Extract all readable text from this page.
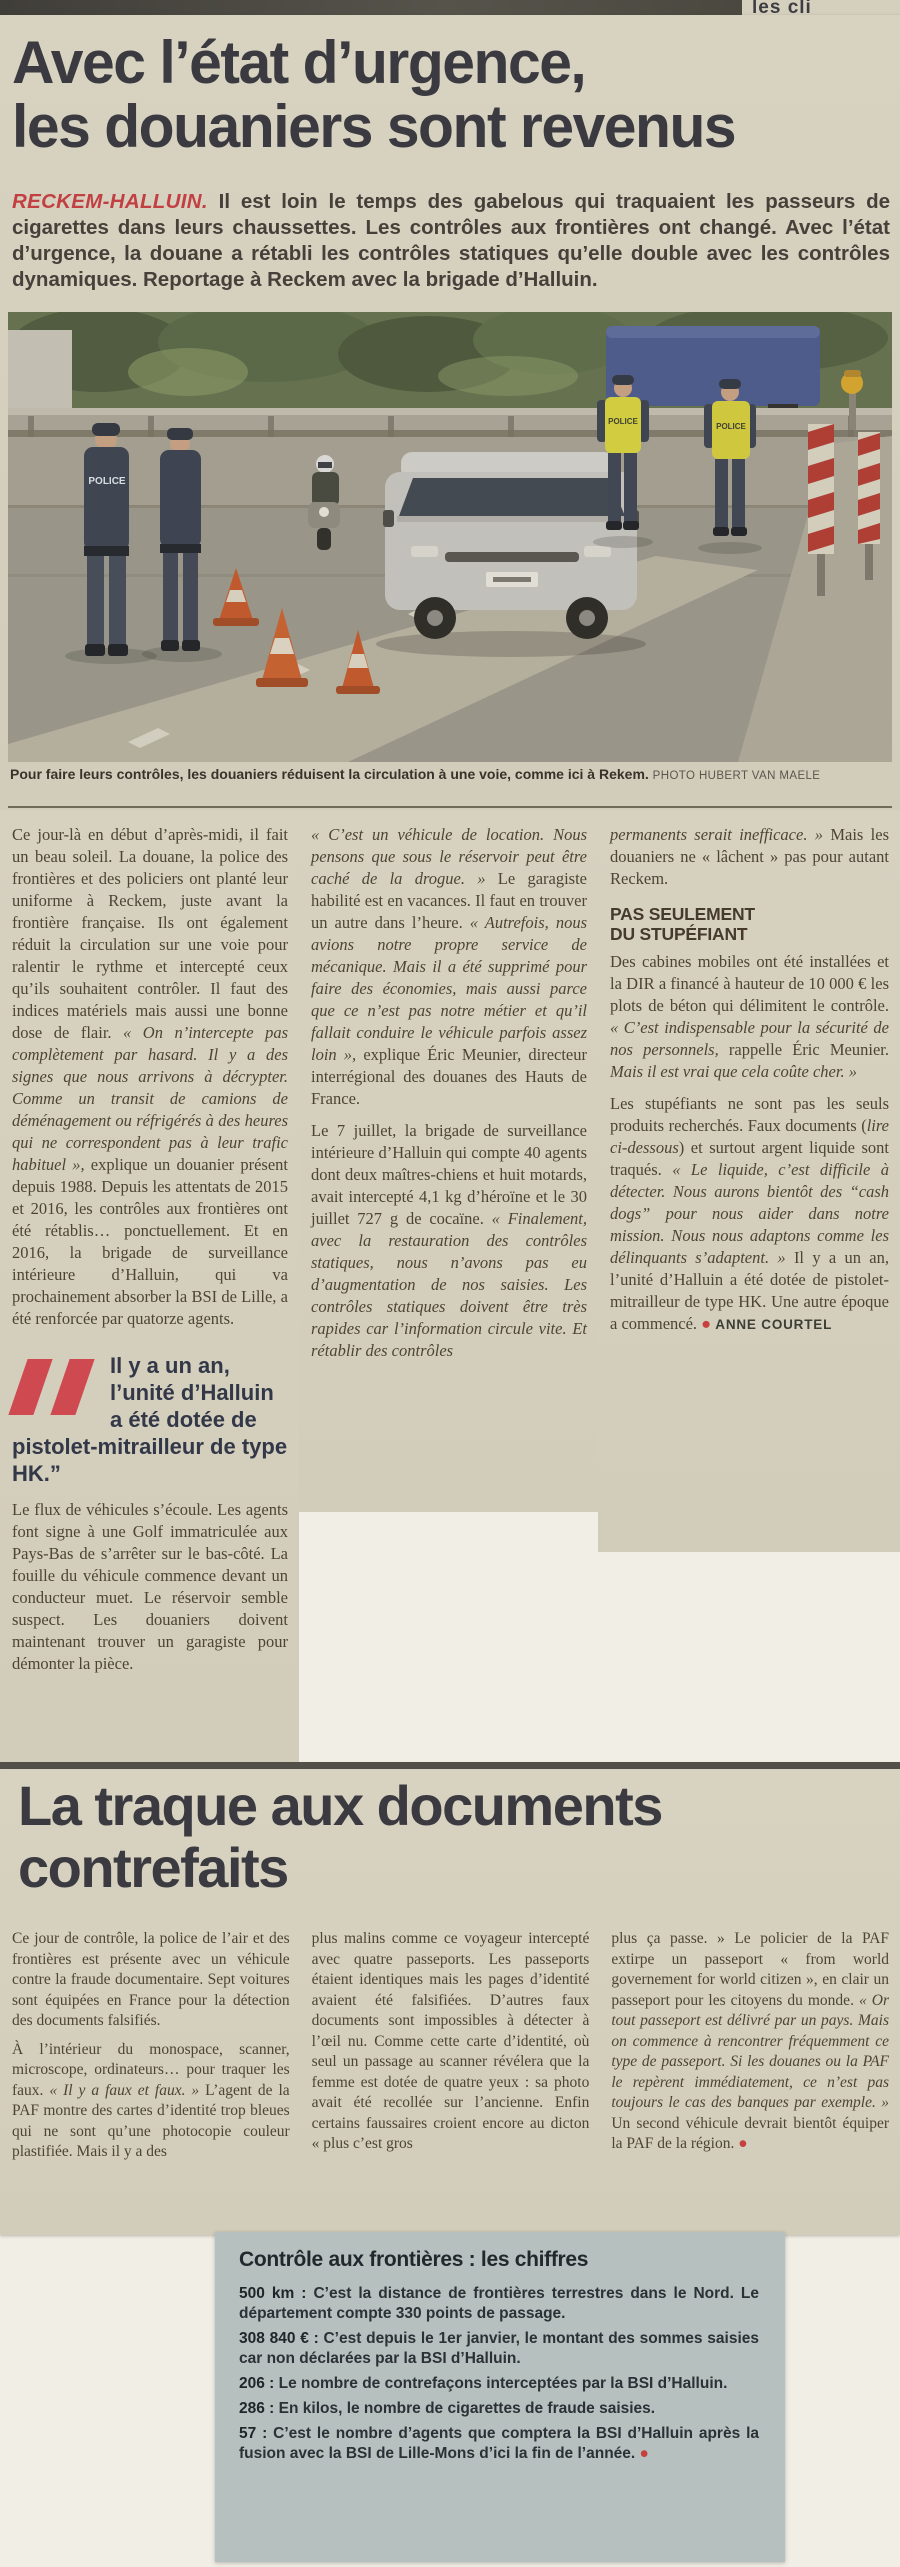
les cli
Avec l’état d’urgence,
les douaniers sont revenus

RECKEM-HALLUIN. Il est loin le temps des gabelous qui traquaient les passeurs de cigarettes dans leurs chaussettes. Les contrôles aux frontières ont changé. Avec l’état d’urgence, la douane a rétabli les contrôles statiques qu’elle double avec les contrôles dynamiques. Reportage à Reckem avec la brigade d’Halluin.

POLICE
POLICE
POLICE

Pour faire leurs contrôles, les douaniers réduisent la circulation à une voie, comme ici à Rekem. PHOTO HUBERT VAN MAELE

Ce jour-là en début d’après-midi, il fait un beau soleil. La douane, la police des frontières et des policiers ont planté leur uniforme à Reckem, juste avant la frontière française. Ils ont également réduit la circulation sur une voie pour ralentir le rythme et intercepté ceux qu’ils souhaitent contrôler. Il faut des indices matériels mais aussi une bonne dose de flair. « On n’intercepte pas complètement par hasard. Il y a des signes que nous arrivons à décrypter. Comme un transit de camions de déménagement ou réfrigérés à des heures qui ne correspondent pas à leur trafic habituel », explique un douanier présent depuis 1988. Depuis les attentats de 2015 et 2016, les contrôles aux frontières ont été rétablis… ponctuellement. Et en 2016, la brigade de surveillance intérieure d’Halluin, qui va prochainement absorber la BSI de Lille, a été renforcée par quatorze agents.

Il y a un an, l’unité d’Halluin a été dotée de pistolet-mitrailleur de type HK.”

Le flux de véhicules s’écoule. Les agents font signe à une Golf immatriculée aux Pays-Bas de s’arrêter sur le bas-côté. La fouille du véhicule commence devant un conducteur muet. Le réservoir semble suspect. Les douaniers doivent maintenant trouver un garagiste pour démonter la pièce.

« C’est un véhicule de location. Nous pensons que sous le réservoir peut être caché de la drogue. » Le garagiste habilité est en vacances. Il faut en trouver un autre dans l’heure. « Autrefois, nous avions notre propre service de mécanique. Mais il a été supprimé pour faire des économies, mais aussi parce que ce n’est pas notre métier et qu’il fallait conduire le véhicule parfois assez loin », explique Éric Meunier, directeur interrégional des douanes des Hauts de France.

Le 7 juillet, la brigade de surveillance intérieure d’Halluin qui compte 40 agents dont deux maîtres-chiens et huit motards, avait intercepté 4,1 kg d’héroïne et le 30 juillet 727 g de cocaïne. « Finalement, avec la restauration des contrôles statiques, nous n’avons pas eu d’augmentation de nos saisies. Les contrôles statiques doivent être très rapides car l’information circule vite. Et rétablir des contrôles

permanents serait inefficace. » Mais les douaniers ne « lâchent » pas pour autant Reckem.

PAS SEULEMENT
DU STUPÉFIANT

Des cabines mobiles ont été installées et la DIR a financé à hauteur de 10 000 € les plots de béton qui délimitent le contrôle. « C’est indispensable pour la sécurité de nos personnels, rappelle Éric Meunier. Mais il est vrai que cela coûte cher. »

Les stupéfiants ne sont pas les seuls produits recherchés. Faux documents (lire ci-dessous) et surtout argent liquide sont traqués. « Le liquide, c’est difficile à détecter. Nous aurons bientôt des “cash dogs” pour nous aider dans notre mission. Nous nous adaptons comme les délinquants s’adaptent. » Il y a un an, l’unité d’Halluin a été dotée de pistolet-mitrailleur de type HK. Une autre époque a commencé. ● ANNE COURTEL

La traque aux documents
contrefaits

Ce jour de contrôle, la police de l’air et des frontières est présente avec un véhicule contre la fraude documentaire. Sept voitures sont équipées en France pour la détection des documents falsifiés.

À l’intérieur du monospace, scanner, microscope, ordinateurs… pour traquer les faux. « Il y a faux et faux. » L’agent de la PAF montre des cartes d’identité trop bleues qui ne sont qu’une photocopie couleur plastifiée. Mais il y a des

plus malins comme ce voyageur intercepté avec quatre passeports. Les passeports étaient identiques mais les pages d’identité avaient été falsifiées. D’autres faux documents sont impossibles à détecter à l’œil nu. Comme cette carte d’identité, où seul un passage au scanner révélera que la femme est dotée de quatre yeux : sa photo avait été recollée sur l’ancienne. Enfin certains faussaires croient encore au dicton « plus c’est gros

plus ça passe. » Le policier de la PAF extirpe un passeport « from world governement for world citizen », en clair un passeport pour les citoyens du monde. « Or tout passeport est délivré par un pays. Mais on commence à rencontrer fréquemment ce type de passeport. Si les douanes ou la PAF le repèrent immédiatement, ce n’est pas toujours le cas des banques par exemple. » Un second véhicule devrait bientôt équiper la PAF de la région. ●

Contrôle aux frontières : les chiffres

500 km : C’est la distance de frontières terrestres dans le Nord. Le département compte 330 points de passage.

308 840 € : C’est depuis le 1er janvier, le montant des sommes saisies car non déclarées par la BSI d’Halluin.

206 : Le nombre de contrefaçons interceptées par la BSI d’Halluin.

286 : En kilos, le nombre de cigarettes de fraude saisies.

57 : C’est le nombre d’agents que comptera la BSI d’Halluin après la fusion avec la BSI de Lille-Mons d’ici la fin de l’année. ●
